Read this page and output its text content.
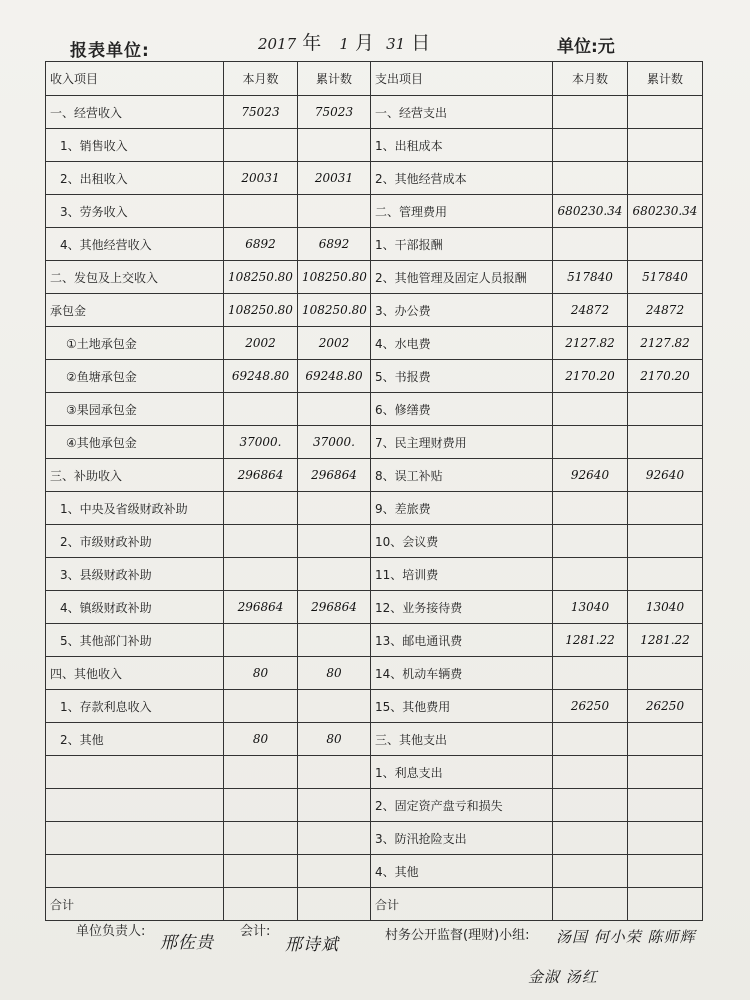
报表单位:	2017 年 1 月 31 日	单位:元
收入项目	本月数	累计数	支出项目	本月数	累计数
一、经营收入	75023	75023	一、经营支出		
1、销售收入			1、出租成本		
2、出租收入	20031	20031	2、其他经营成本		
3、劳务收入			二、管理费用	680230.34	680230.34
4、其他经营收入	6892	6892	1、干部报酬		
二、发包及上交收入	108250.80	108250.80	2、其他管理及固定人员报酬	517840	517840
承包金	108250.80	108250.80	3、办公费	24872	24872
①土地承包金	2002	2002	4、水电费	2127.82	2127.82
②鱼塘承包金	69248.80	69248.80	5、书报费	2170.20	2170.20
③果园承包金			6、修缮费		
④其他承包金	37000.	37000.	7、民主理财费用		
三、补助收入	296864	296864	8、误工补贴	92640	92640
1、中央及省级财政补助			9、差旅费		
2、市级财政补助			10、会议费		
3、县级财政补助			11、培训费		
4、镇级财政补助	296864	296864	12、业务接待费	13040	13040
5、其他部门补助			13、邮电通讯费	1281.22	1281.22
四、其他收入	80	80	14、机动车辆费		
1、存款利息收入			15、其他费用	26250	26250
2、其他	80	80	三、其他支出		
			1、利息支出		
			2、固定资产盘亏和损失		
			3、防汛抢险支出		
			4、其他		
合计			合计		
单位负责人:
邢佐贵
会计:
邢诗斌	村务公开监督(理财)小组: 汤国 何小荣 陈师辉
金淑 汤红
